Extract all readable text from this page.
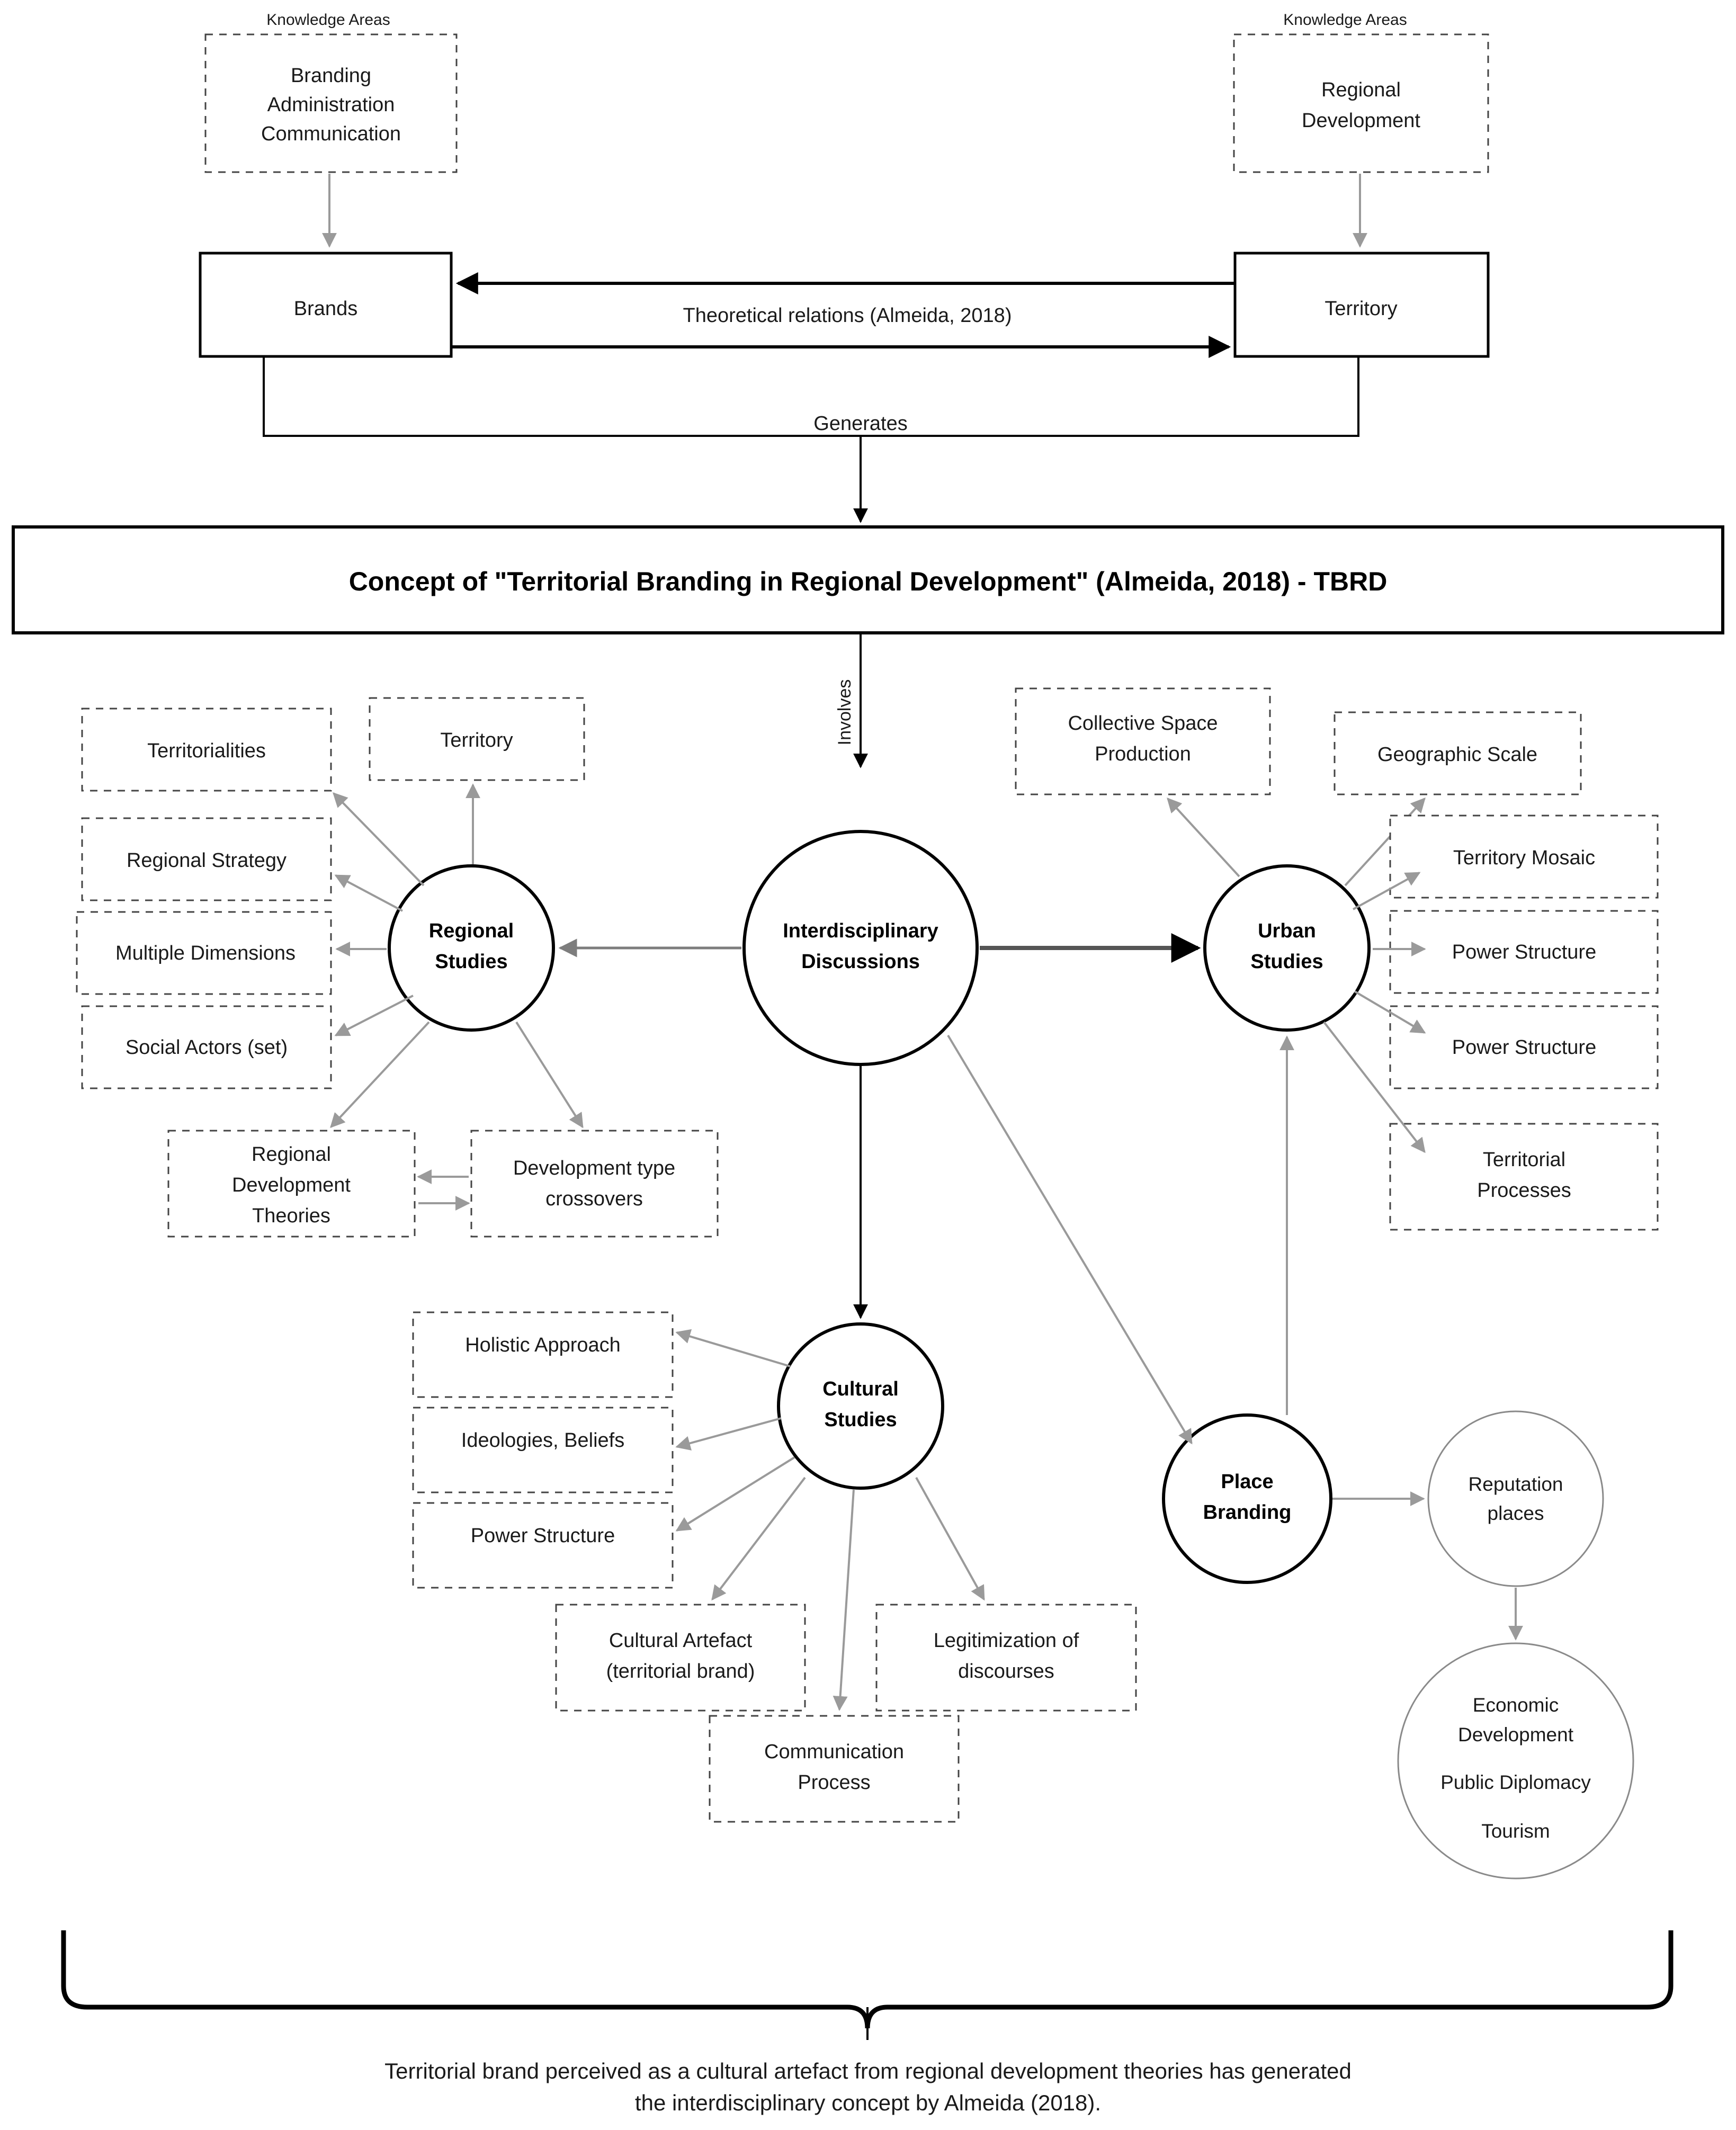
Knowledge Areas
Branding
Administration
Communication
Knowledge Areas
Regional
Development
Brands	Territory
Theoretical relations (Almeida, 2018)
Generates
Concept of "Territorial Branding in Regional Development" (Almeida, 2018) - TBRD
Involves
Interdisciplinary
Discussions
Regional
Studies
Urban
Studies
Territorialities	Territory
Regional Strategy
Multiple Dimensions
Social Actors (set)
Regional
Development
Theories
Development type
crossovers
Collective Space
Production	Geographic Scale
Territory Mosaic
Power Structure
Power Structure
Territorial
Processes
Cultural
Studies
Holistic Approach
Ideologies, Beliefs
Power Structure
Cultural Artefact
(territorial brand)
Legitimization of
discourses
Communication
Process
Place
Branding
Reputation
places
Economic
Development
Public Diplomacy
Tourism
Territorial brand perceived as a cultural artefact from regional development theories has generated
the interdisciplinary concept by Almeida (2018).
